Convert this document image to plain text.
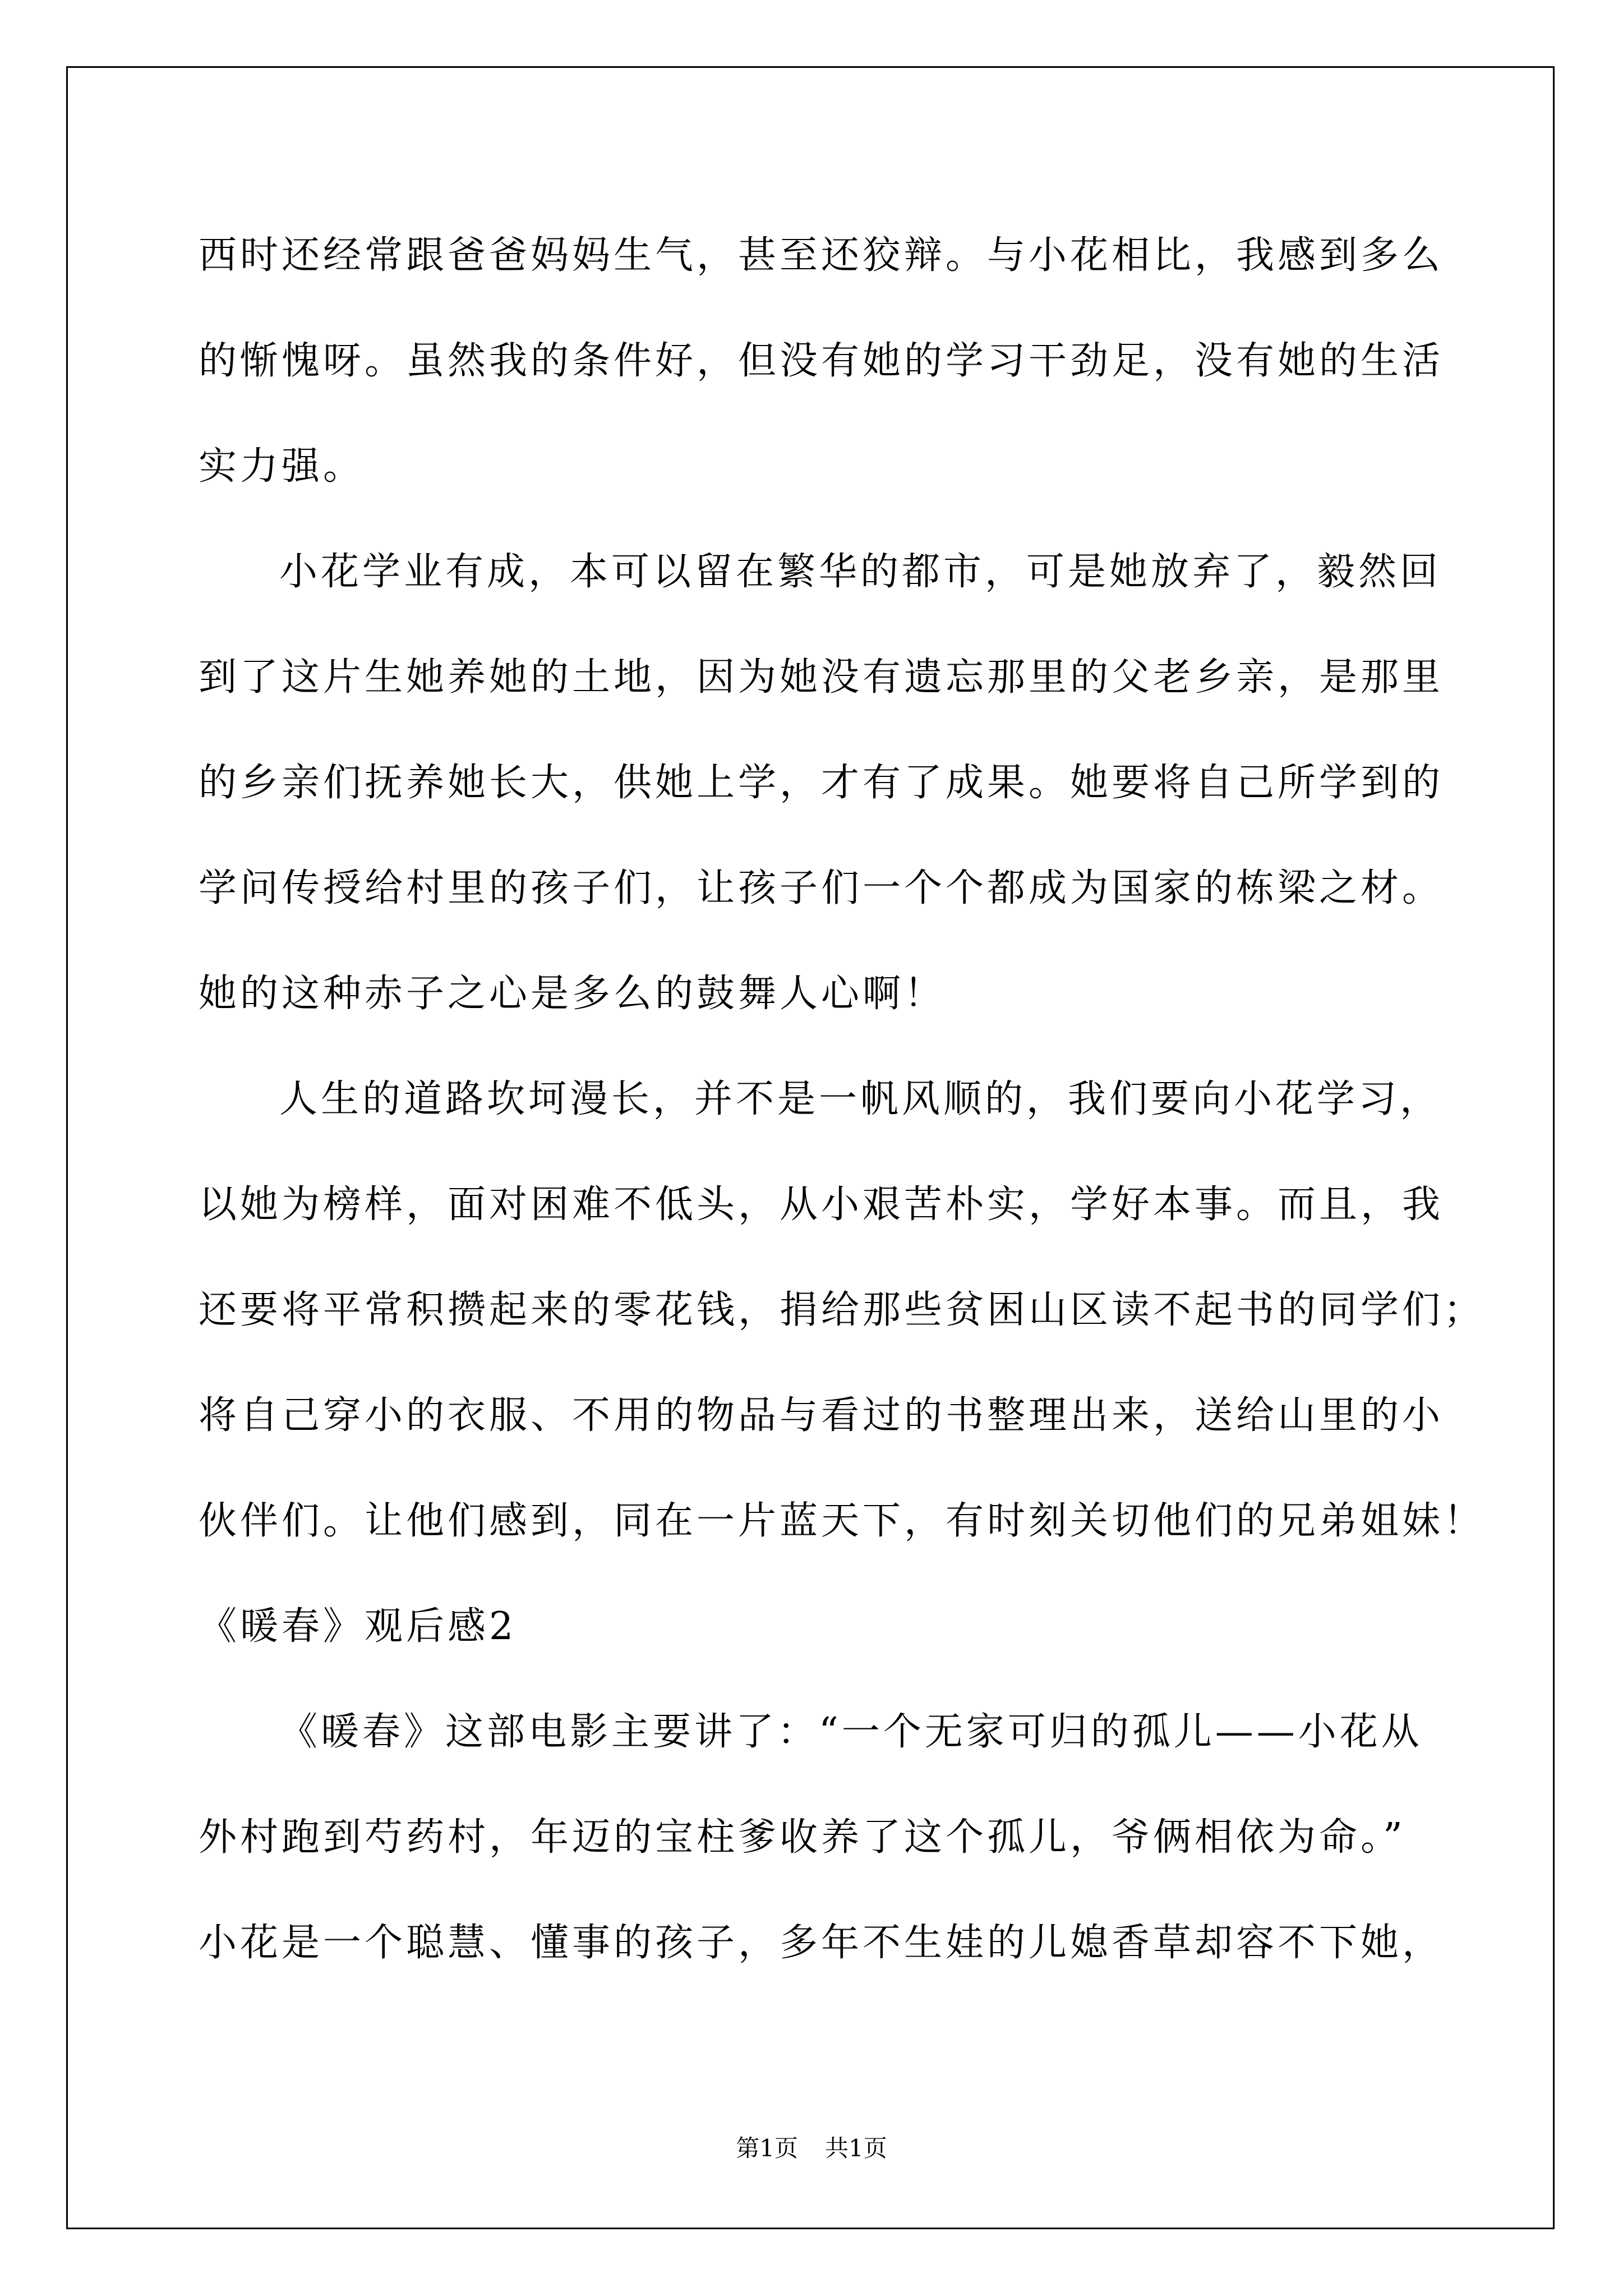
西时还经常跟爸爸妈妈生气，甚至还狡辩。与小花相比，我感到多么

的惭愧呀。虽然我的条件好，但没有她的学习干劲足，没有她的生活

实力强。

小花学业有成，本可以留在繁华的都市，可是她放弃了，毅然回

到了这片生她养她的土地，因为她没有遗忘那里的父老乡亲，是那里

的乡亲们抚养她长大，供她上学，才有了成果。她要将自己所学到的

学问传授给村里的孩子们，让孩子们一个个都成为国家的栋梁之材。

她的这种赤子之心是多么的鼓舞人心啊！

人生的道路坎坷漫长，并不是一帆风顺的，我们要向小花学习，

以她为榜样，面对困难不低头，从小艰苦朴实，学好本事。而且，我

还要将平常积攒起来的零花钱，捐给那些贫困山区读不起书的同学们；

将自己穿小的衣服、不用的物品与看过的书整理出来，送给山里的小

伙伴们。让他们感到，同在一片蓝天下，有时刻关切他们的兄弟姐妹！

《暖春》观后感2

《暖春》这部电影主要讲了：“一个无家可归的孤儿——小花从

外村跑到芍药村，年迈的宝柱爹收养了这个孤儿，爷俩相依为命。”

小花是一个聪慧、懂事的孩子，多年不生娃的儿媳香草却容不下她，

第1页 共1页
